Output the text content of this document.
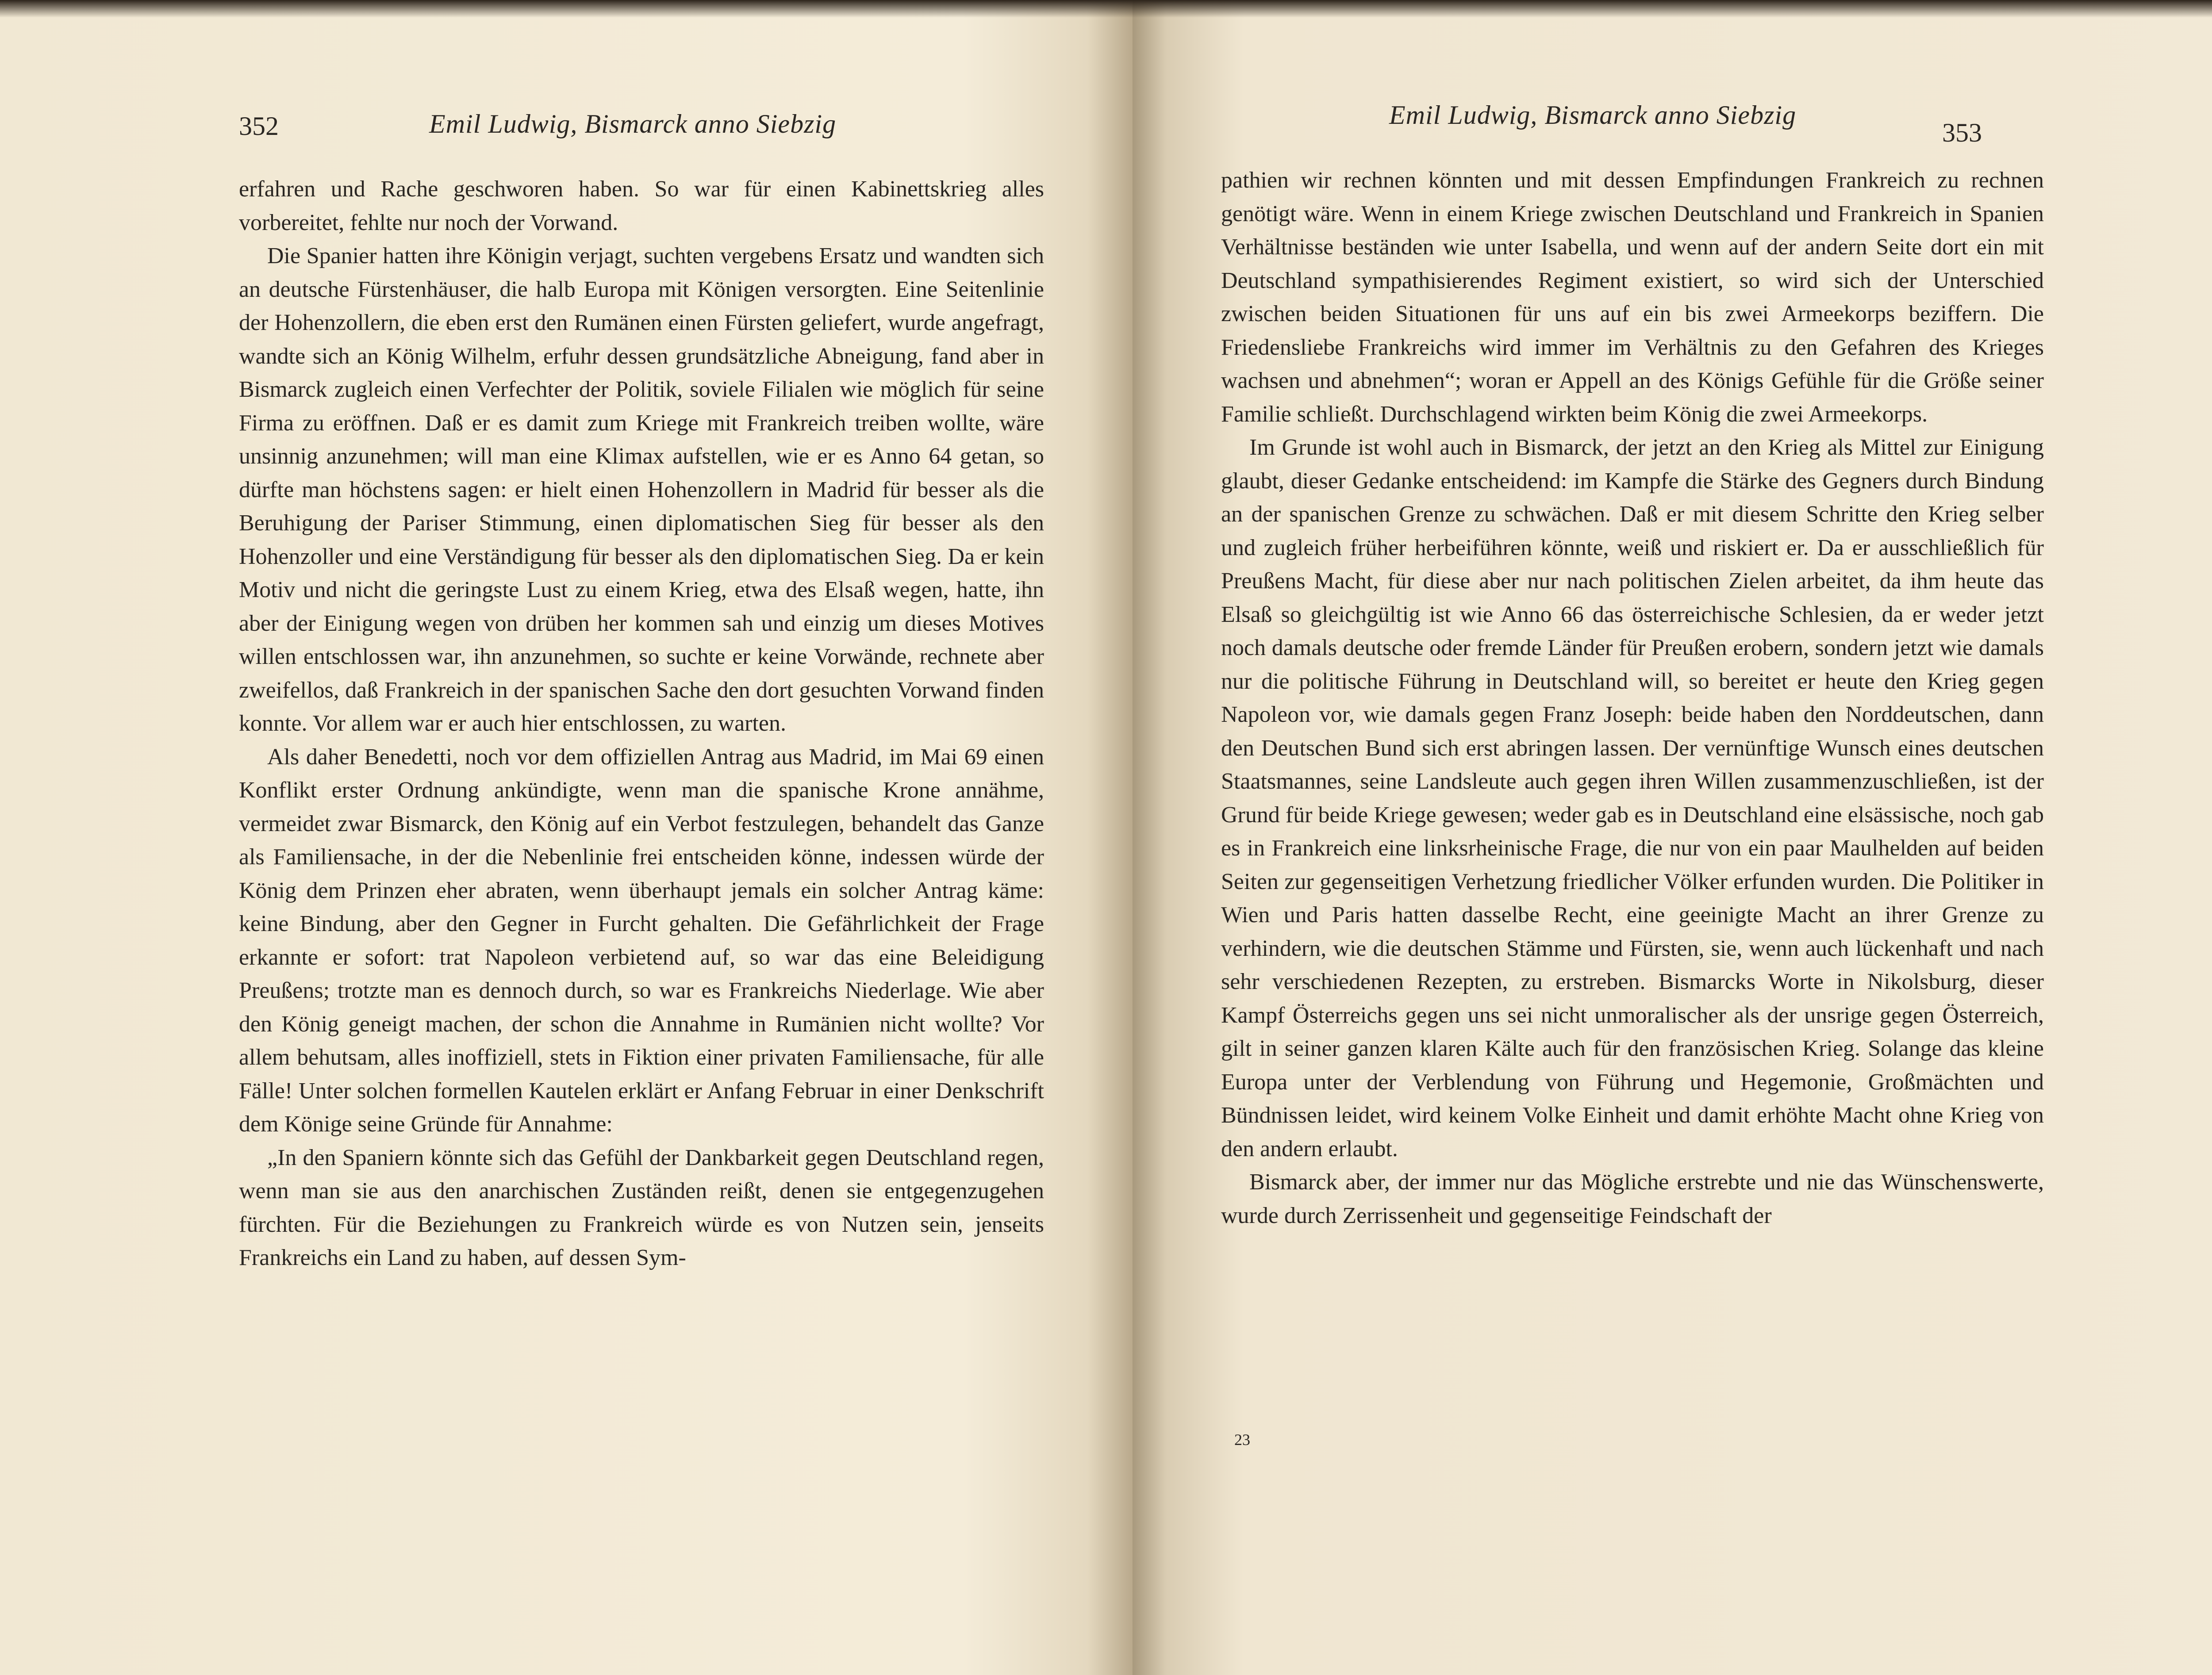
352	Emil Ludwig, Bismarck anno Siebzig

erfahren und Rache geschworen haben. So war für einen Kabinettskrieg alles vorbereitet, fehlte nur noch der Vorwand.

Die Spanier hatten ihre Königin verjagt, suchten vergebens Ersatz und wandten sich an deutsche Fürstenhäuser, die halb Europa mit Königen versorgten. Eine Seitenlinie der Hohenzollern, die eben erst den Rumänen einen Fürsten geliefert, wurde angefragt, wandte sich an König Wilhelm, erfuhr dessen grundsätzliche Abneigung, fand aber in Bismarck zugleich einen Verfechter der Politik, soviele Filialen wie möglich für seine Firma zu eröffnen. Daß er es damit zum Kriege mit Frankreich treiben wollte, wäre unsinnig anzunehmen; will man eine Klimax aufstellen, wie er es Anno 64 getan, so dürfte man höchstens sagen: er hielt einen Hohenzollern in Madrid für besser als die Beruhigung der Pariser Stimmung, einen diplomatischen Sieg für besser als den Hohenzoller und eine Verständigung für besser als den diplomatischen Sieg. Da er kein Motiv und nicht die geringste Lust zu einem Krieg, etwa des Elsaß wegen, hatte, ihn aber der Einigung wegen von drüben her kommen sah und einzig um dieses Motives willen entschlossen war, ihn anzunehmen, so suchte er keine Vorwände, rechnete aber zweifellos, daß Frankreich in der spanischen Sache den dort gesuchten Vorwand finden konnte. Vor allem war er auch hier entschlossen, zu warten.

Als daher Benedetti, noch vor dem offiziellen Antrag aus Madrid, im Mai 69 einen Konflikt erster Ordnung ankündigte, wenn man die spanische Krone annähme, vermeidet zwar Bismarck, den König auf ein Verbot festzulegen, behandelt das Ganze als Familiensache, in der die Nebenlinie frei entscheiden könne, indessen würde der König dem Prinzen eher abraten, wenn überhaupt jemals ein solcher Antrag käme: keine Bindung, aber den Gegner in Furcht gehalten. Die Gefährlichkeit der Frage erkannte er sofort: trat Napoleon verbietend auf, so war das eine Beleidigung Preußens; trotzte man es dennoch durch, so war es Frankreichs Niederlage. Wie aber den König geneigt machen, der schon die Annahme in Rumänien nicht wollte? Vor allem behutsam, alles inoffiziell, stets in Fiktion einer privaten Familiensache, für alle Fälle! Unter solchen formellen Kautelen erklärt er Anfang Februar in einer Denkschrift dem Könige seine Gründe für Annahme:

„In den Spaniern könnte sich das Gefühl der Dankbarkeit gegen Deutschland regen, wenn man sie aus den anarchischen Zuständen reißt, denen sie entgegenzugehen fürchten. Für die Beziehungen zu Frankreich würde es von Nutzen sein, jenseits Frankreichs ein Land zu haben, auf dessen Sym-

Emil Ludwig, Bismarck anno Siebzig
353

pathien wir rechnen könnten und mit dessen Empfindungen Frankreich zu rechnen genötigt wäre. Wenn in einem Kriege zwischen Deutschland und Frankreich in Spanien Verhältnisse beständen wie unter Isabella, und wenn auf der andern Seite dort ein mit Deutschland sympathisierendes Regiment existiert, so wird sich der Unterschied zwischen beiden Situationen für uns auf ein bis zwei Armeekorps beziffern. Die Friedensliebe Frankreichs wird immer im Verhältnis zu den Gefahren des Krieges wachsen und abnehmen“; woran er Appell an des Königs Gefühle für die Größe seiner Familie schließt. Durchschlagend wirkten beim König die zwei Armeekorps.

Im Grunde ist wohl auch in Bismarck, der jetzt an den Krieg als Mittel zur Einigung glaubt, dieser Gedanke entscheidend: im Kampfe die Stärke des Gegners durch Bindung an der spanischen Grenze zu schwächen. Daß er mit diesem Schritte den Krieg selber und zugleich früher herbeiführen könnte, weiß und riskiert er. Da er ausschließlich für Preußens Macht, für diese aber nur nach politischen Zielen arbeitet, da ihm heute das Elsaß so gleichgültig ist wie Anno 66 das österreichische Schlesien, da er weder jetzt noch damals deutsche oder fremde Länder für Preußen erobern, sondern jetzt wie damals nur die politische Führung in Deutschland will, so bereitet er heute den Krieg gegen Napoleon vor, wie damals gegen Franz Joseph: beide haben den Norddeutschen, dann den Deutschen Bund sich erst abringen lassen. Der vernünftige Wunsch eines deutschen Staatsmannes, seine Landsleute auch gegen ihren Willen zusammenzuschließen, ist der Grund für beide Kriege gewesen; weder gab es in Deutschland eine elsässische, noch gab es in Frankreich eine linksrheinische Frage, die nur von ein paar Maulhelden auf beiden Seiten zur gegenseitigen Verhetzung friedlicher Völker erfunden wurden. Die Politiker in Wien und Paris hatten dasselbe Recht, eine geeinigte Macht an ihrer Grenze zu verhindern, wie die deutschen Stämme und Fürsten, sie, wenn auch lückenhaft und nach sehr verschiedenen Rezepten, zu erstreben. Bismarcks Worte in Nikolsburg, dieser Kampf Österreichs gegen uns sei nicht unmoralischer als der unsrige gegen Österreich, gilt in seiner ganzen klaren Kälte auch für den französischen Krieg. Solange das kleine Europa unter der Verblendung von Führung und Hegemonie, Großmächten und Bündnissen leidet, wird keinem Volke Einheit und damit erhöhte Macht ohne Krieg von den andern erlaubt.

Bismarck aber, der immer nur das Mögliche erstrebte und nie das Wünschenswerte, wurde durch Zerrissenheit und gegenseitige Feindschaft der

23
